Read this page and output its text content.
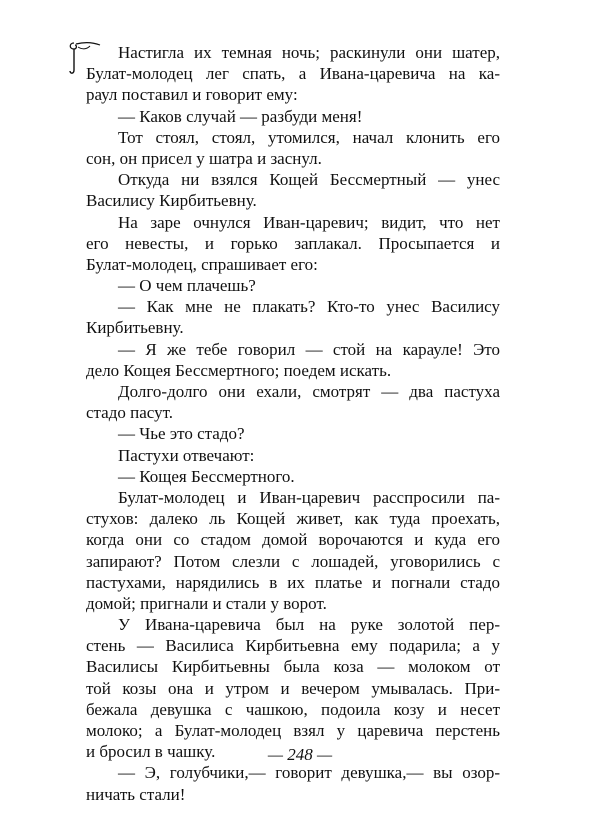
Настигла их темная ночь; раскинули они шатер,
Булат-молодец лег спать, а Ивана-царевича на ка-
раул поставил и говорит ему:
— Каков случай — разбуди меня!
Тот стоял, стоял, утомился, начал клонить его
сон, он присел у шатра и заснул.
Откуда ни взялся Кощей Бессмертный — унес
Василису Кирбитьевну.
На заре очнулся Иван-царевич; видит, что нет
его невесты, и горько заплакал. Просыпается и
Булат-молодец, спрашивает его:
— О чем плачешь?
— Как мне не плакать? Кто-то унес Василису
Кирбитьевну.
— Я же тебе говорил — стой на карауле! Это
дело Кощея Бессмертного; поедем искать.
Долго-долго они ехали, смотрят — два пастуха
стадо пасут.
— Чье это стадо?
Пастухи отвечают:
— Кощея Бессмертного.
Булат-молодец и Иван-царевич расспросили па-
стухов: далеко ль Кощей живет, как туда проехать,
когда они со стадом домой ворочаются и куда его
запирают? Потом слезли с лошадей, уговорились с
пастухами, нарядились в их платье и погнали стадо
домой; пригнали и стали у ворот.
У Ивана-царевича был на руке золотой пер-
стень — Василиса Кирбитьевна ему подарила; а у
Василисы Кирбитьевны была коза — молоком от
той козы она и утром и вечером умывалась. При-
бежала девушка с чашкою, подоила козу и несет
молоко; а Булат-молодец взял у царевича перстень
и бросил в чашку.
— Э, голубчики,— говорит девушка,— вы озор-
ничать стали!
— 248 —
